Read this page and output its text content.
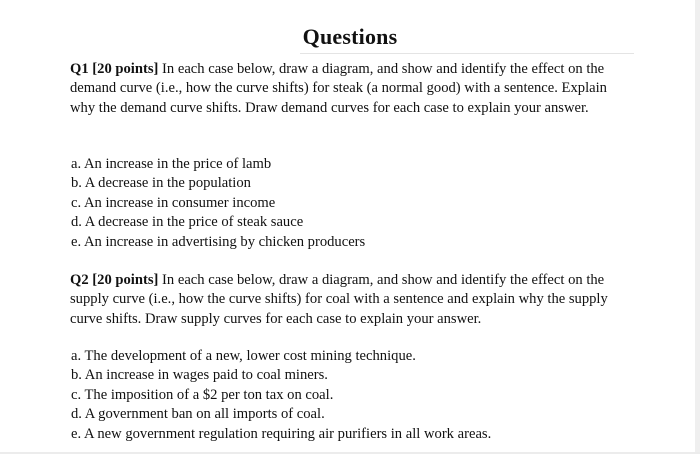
Questions
Q1 [20 points] In each case below, draw a diagram, and show and identify the effect on the demand curve (i.e., how the curve shifts) for steak (a normal good) with a sentence. Explain why the demand curve shifts. Draw demand curves for each case to explain your answer.
a. An increase in the price of lamb
b. A decrease in the population
c. An increase in consumer income
d. A decrease in the price of steak sauce
e. An increase in advertising by chicken producers
Q2 [20 points] In each case below, draw a diagram, and show and identify the effect on the supply curve (i.e., how the curve shifts) for coal with a sentence and explain why the supply curve shifts. Draw supply curves for each case to explain your answer.
a. The development of a new, lower cost mining technique.
b. An increase in wages paid to coal miners.
c. The imposition of a $2 per ton tax on coal.
d. A government ban on all imports of coal.
e. A new government regulation requiring air purifiers in all work areas.
